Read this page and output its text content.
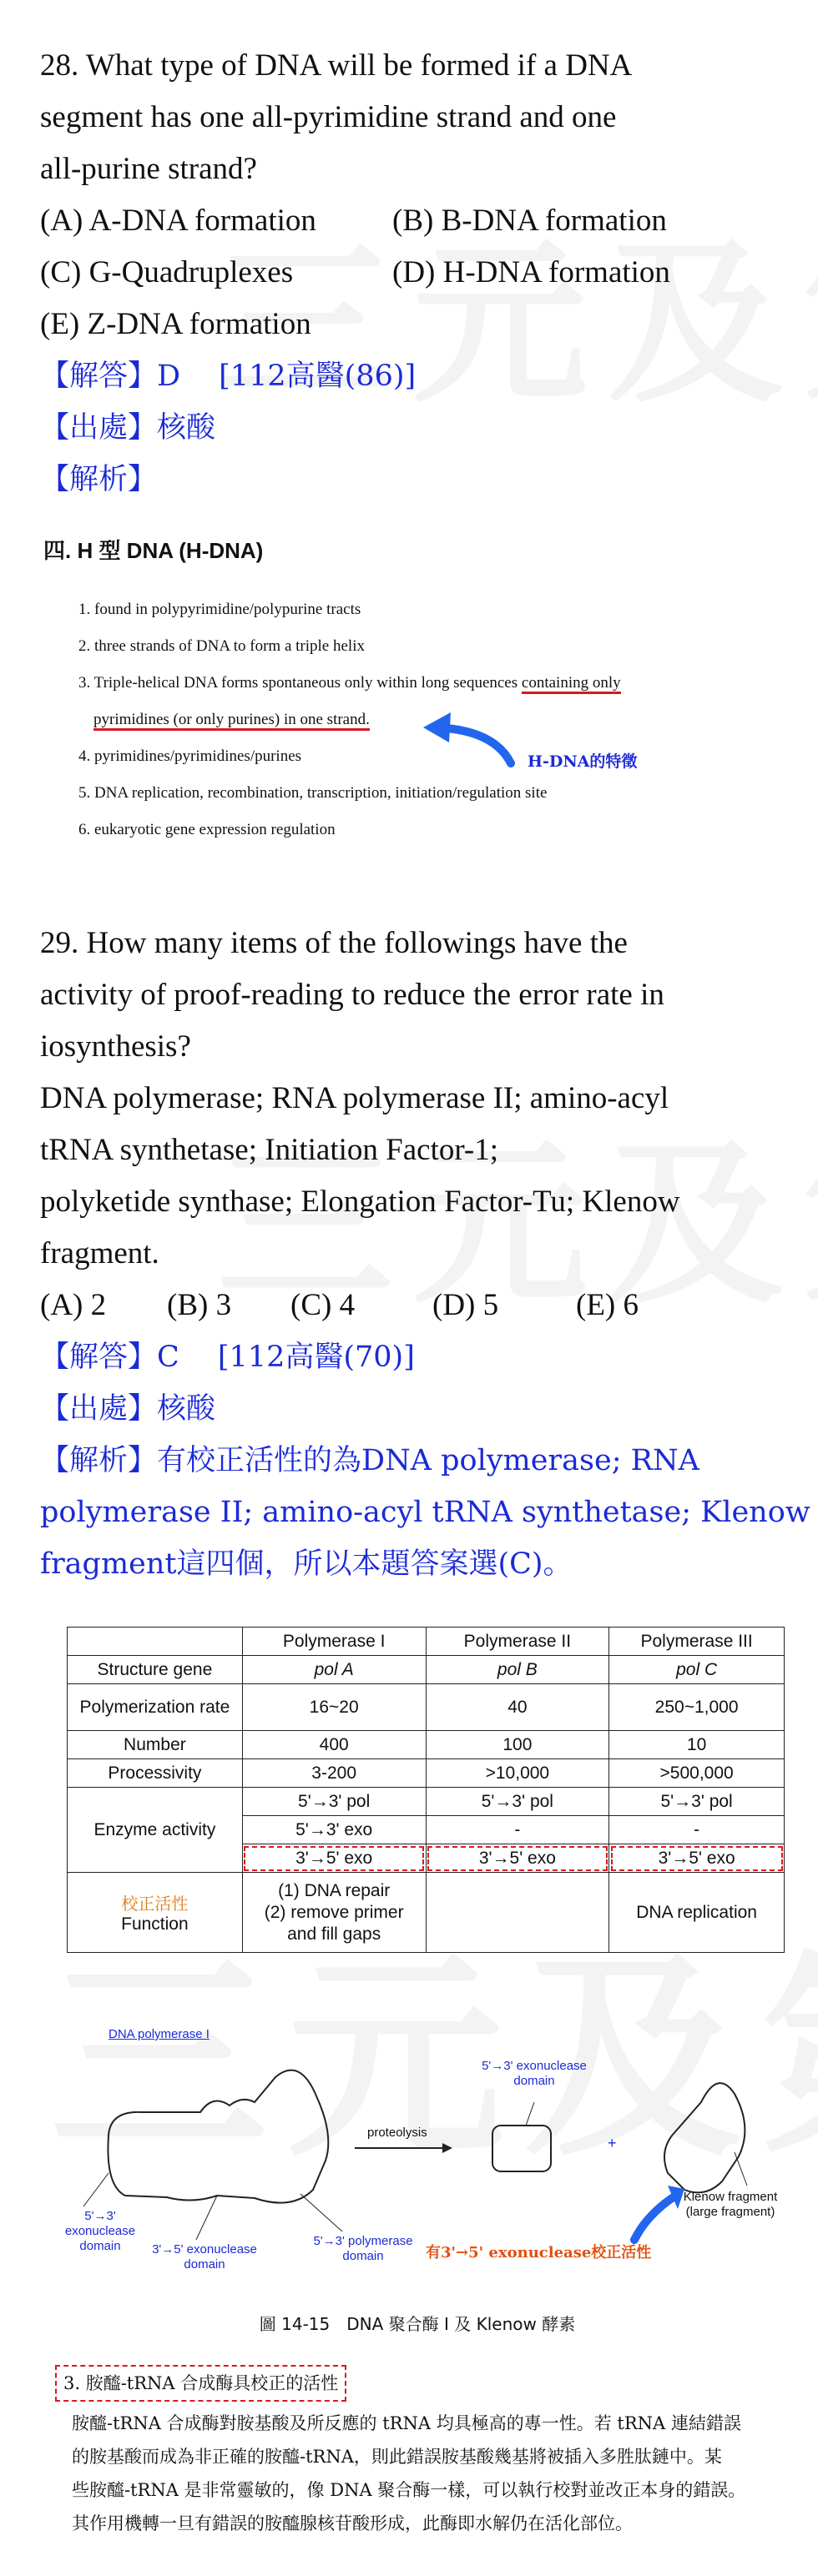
28. What type of DNA will be formed if a DNA
segment has one all-pyrimidine strand and one
all-purine strand?
(A) A-DNA formation	(B) B-DNA formation
(C) G-Quadruplexes	(D) H-DNA formation
(E) Z-DNA formation
【解答】D　 [112高醫(86)]
【出處】核酸
【解析】
四. H 型 DNA (H-DNA)
1. found in polypyrimidine/polypurine tracts
2. three strands of DNA to form a triple helix
3. Triple-helical DNA forms spontaneous only within long sequences containing only
pyrimidines (or only purines) in one strand.
4. pyrimidines/pyrimidines/purines
5. DNA replication, recombination, transcription, initiation/regulation site
6. eukaryotic gene expression regulation
H-DNA的特徵
29. How many items of the followings have the
activity of proof-reading to reduce the error rate in
iosynthesis?
DNA polymerase; RNA polymerase II; amino-acyl
tRNA synthetase; Initiation Factor-1;
polyketide synthase; Elongation Factor-Tu; Klenow
fragment.
(A) 2	(B) 3	(C) 4	(D) 5	(E) 6
【解答】C　 [112高醫(70)]
【出處】核酸
【解析】有校正活性的為DNA polymerase; RNA
polymerase II; amino-acyl tRNA synthetase; Klenow
fragment這四個，所以本題答案選(C)。
	Polymerase I	Polymerase II	Polymerase III
Structure gene	pol A	pol B	pol C
Polymerization rate	16~20	40	250~1,000
Number	400	100	10
Processivity	3-200	>10,000	>500,000
Enzyme activity	5'→3' pol	5'→3' pol	5'→3' pol
	5'→3' exo	-	-
	3'→5' exo	3'→5' exo	3'→5' exo

校正活性
Function	(1) DNA repair
(2) remove primer
and fill gaps		DNA replication
DNA polymerase I
proteolysis
5'→3' exonuclease domain
+
Klenow fragment (large fragment)
5'→3' exonuclease domain	3'→5' exonuclease domain
5'→3' polymerase domain	有3'→5' exonuclease校正活性
圖 14-15　DNA 聚合酶 I 及 Klenow 酵素
3. 胺醯-tRNA 合成酶具校正的活性
胺醯-tRNA 合成酶對胺基酸及所反應的 tRNA 均具極高的專一性。若 tRNA 連結錯誤
的胺基酸而成為非正確的胺醯-tRNA，則此錯誤胺基酸幾基將被插入多胜肽鏈中。某
些胺醯-tRNA 是非常靈敏的，像 DNA 聚合酶一樣，可以執行校對並改正本身的錯誤。
其作用機轉一旦有錯誤的胺醯腺核苷酸形成，此酶即水解仍在活化部位。
